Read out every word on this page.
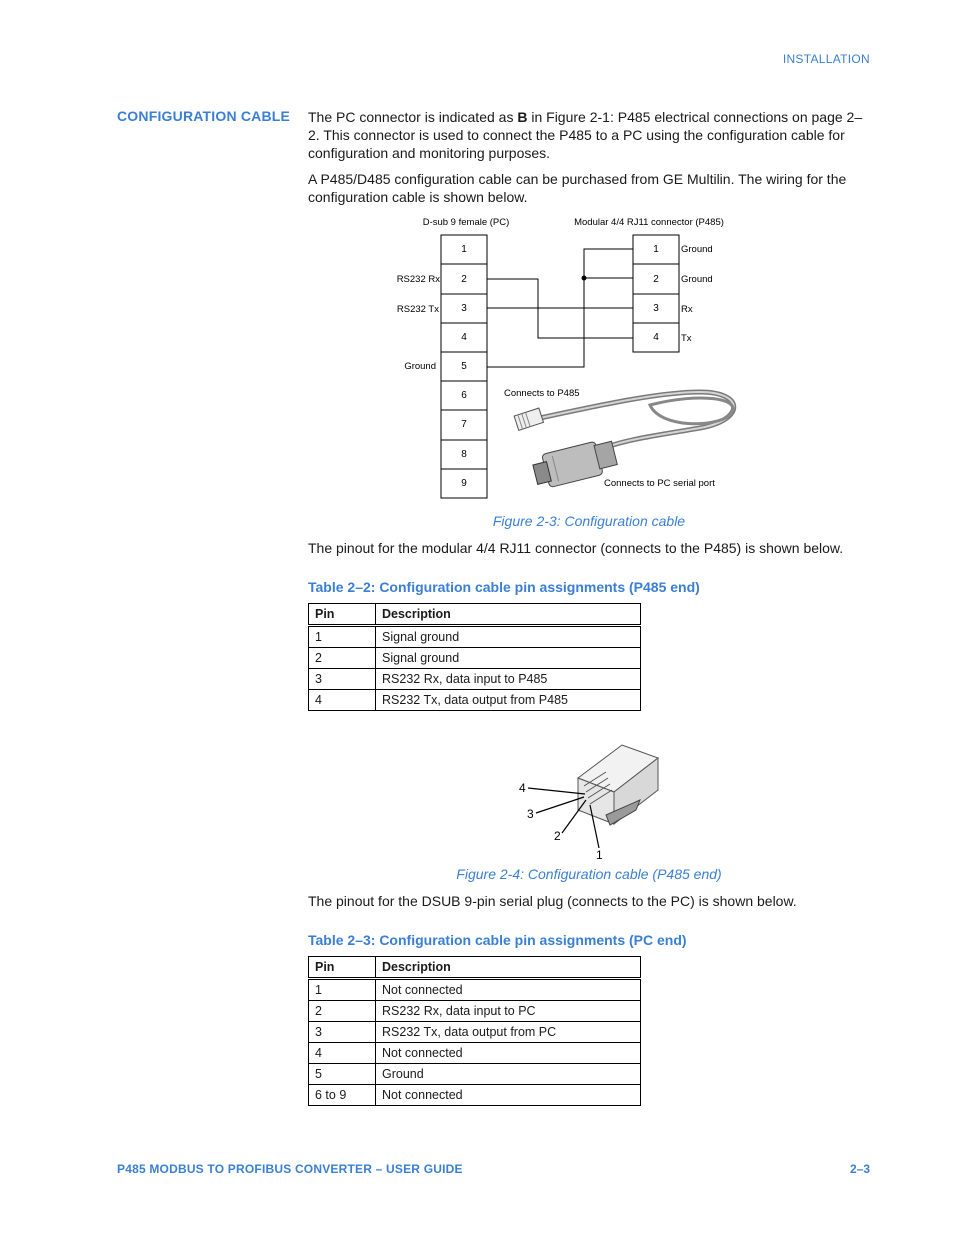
INSTALLATION
CONFIGURATION CABLE The PC connector is indicated as B in Figure 2-1: P485 electrical connections on page 2–2. This connector is used to connect the P485 to a PC using the configuration cable for configuration and monitoring purposes.
A P485/D485 configuration cable can be purchased from GE Multilin. The wiring for the configuration cable is shown below.
D-sub 9 female (PC)	Modular 4/4 RJ11 connector (P485)
1
2
3
4
5
6
7
8
9
RS232 Rx
RS232 Tx
Ground
1
2
3
4
Ground
Ground
Rx
Tx
Connects to P485
Connects to PC serial port
Figure 2-3: Configuration cable
The pinout for the modular 4/4 RJ11 connector (connects to the P485) is shown below.
Table 2–2: Configuration cable pin assignments (P485 end)
Pin	Description
1	Signal ground
2	Signal ground
3	RS232 Rx, data input to P485
4	RS232 Tx, data output from P485
4
3
2
1
Figure 2-4: Configuration cable (P485 end)
The pinout for the DSUB 9-pin serial plug (connects to the PC) is shown below.
Table 2–3: Configuration cable pin assignments (PC end)
Pin	Description
1	Not connected
2	RS232 Rx, data input to PC
3	RS232 Tx, data output from PC
4	Not connected
5	Ground
6 to 9	Not connected
P485 MODBUS TO PROFIBUS CONVERTER – USER GUIDE	2–3
